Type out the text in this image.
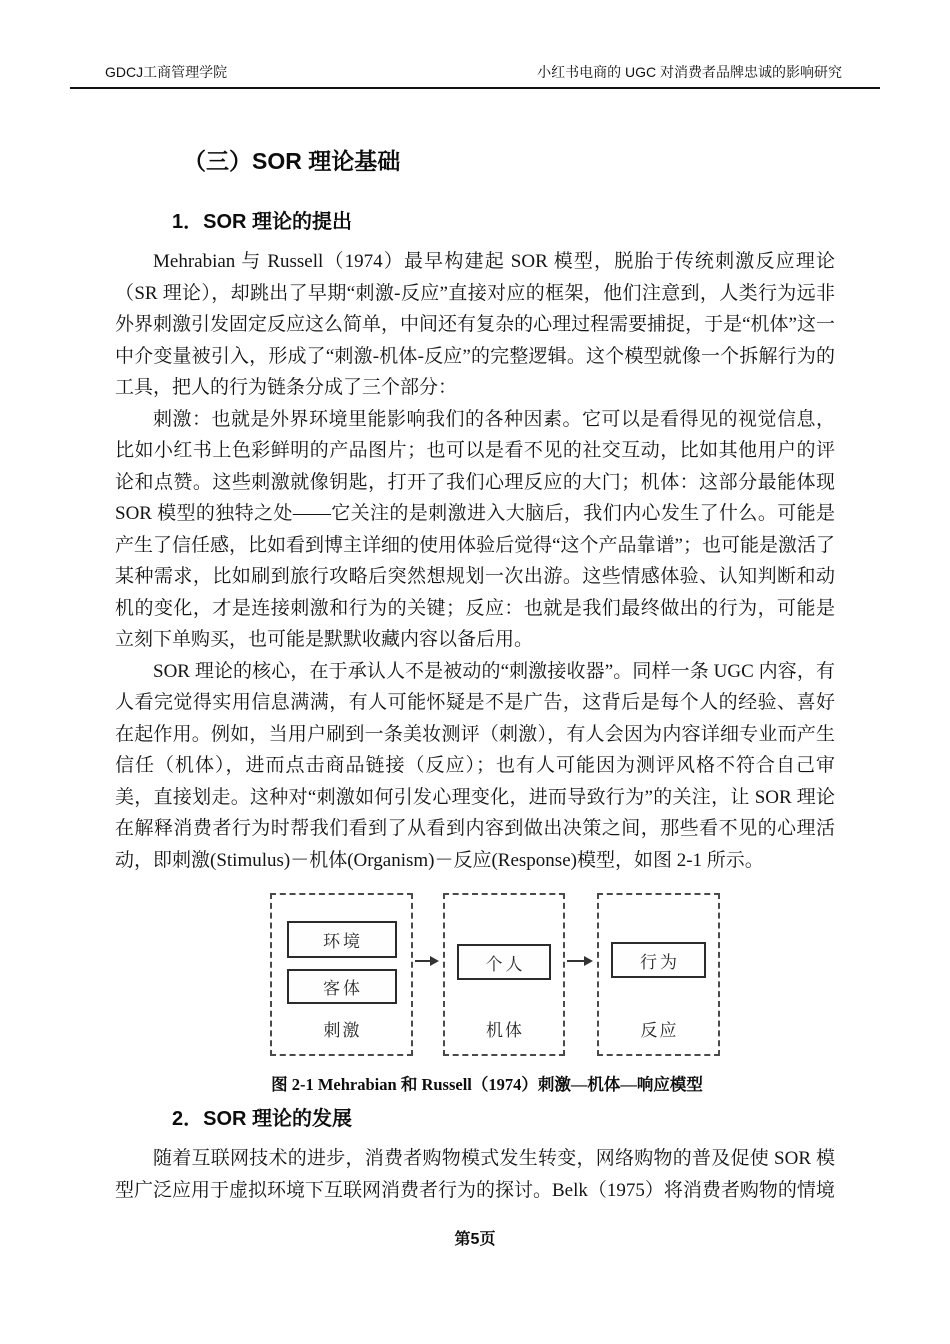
GDCJ工商管理学院	小红书电商的 UGC 对消费者品牌忠诚的影响研究
（三）SOR 理论基础
1．SOR 理论的提出

Mehrabian 与 Russell（1974）最早构建起 SOR 模型，脱胎于传统刺激反应理论（SR 理论），却跳出了早期“刺激-反应”直接对应的框架，他们注意到，人类行为远非外界刺激引发固定反应这么简单，中间还有复杂的心理过程需要捕捉，于是“机体”这一中介变量被引入，形成了“刺激-机体-反应”的完整逻辑。这个模型就像一个拆解行为的工具，把人的行为链条分成了三个部分：

刺激：也就是外界环境里能影响我们的各种因素。它可以是看得见的视觉信息，比如小红书上色彩鲜明的产品图片；也可以是看不见的社交互动，比如其他用户的评论和点赞。这些刺激就像钥匙，打开了我们心理反应的大门；机体：这部分最能体现 SOR 模型的独特之处——它关注的是刺激进入大脑后，我们内心发生了什么。可能是产生了信任感，比如看到博主详细的使用体验后觉得“这个产品靠谱”；也可能是激活了某种需求，比如刷到旅行攻略后突然想规划一次出游。这些情感体验、认知判断和动机的变化，才是连接刺激和行为的关键；反应：也就是我们最终做出的行为，可能是立刻下单购买，也可能是默默收藏内容以备后用。

SOR 理论的核心，在于承认人不是被动的“刺激接收器”。同样一条 UGC 内容，有人看完觉得实用信息满满，有人可能怀疑是不是广告，这背后是每个人的经验、喜好在起作用。例如，当用户刷到一条美妆测评（刺激），有人会因为内容详细专业而产生信任（机体），进而点击商品链接（反应）；也有人可能因为测评风格不符合自己审美，直接划走。这种对“刺激如何引发心理变化，进而导致行为”的关注，让 SOR 理论在解释消费者行为时帮我们看到了从看到内容到做出决策之间，那些看不见的心理活动，即刺激(Stimulus)－机体(Organism)－反应(Response)模型，如图 2-1 所示。

环境
客体
刺激
个人
机体
行为
反应
图 2-1 Mehrabian 和 Russell（1974）刺激—机体—响应模型
2．SOR 理论的发展

随着互联网技术的进步，消费者购物模式发生转变，网络购物的普及促使 SOR 模型广泛应用于虚拟环境下互联网消费者行为的探讨。Belk（1975）将消费者购物的情境

第5页
